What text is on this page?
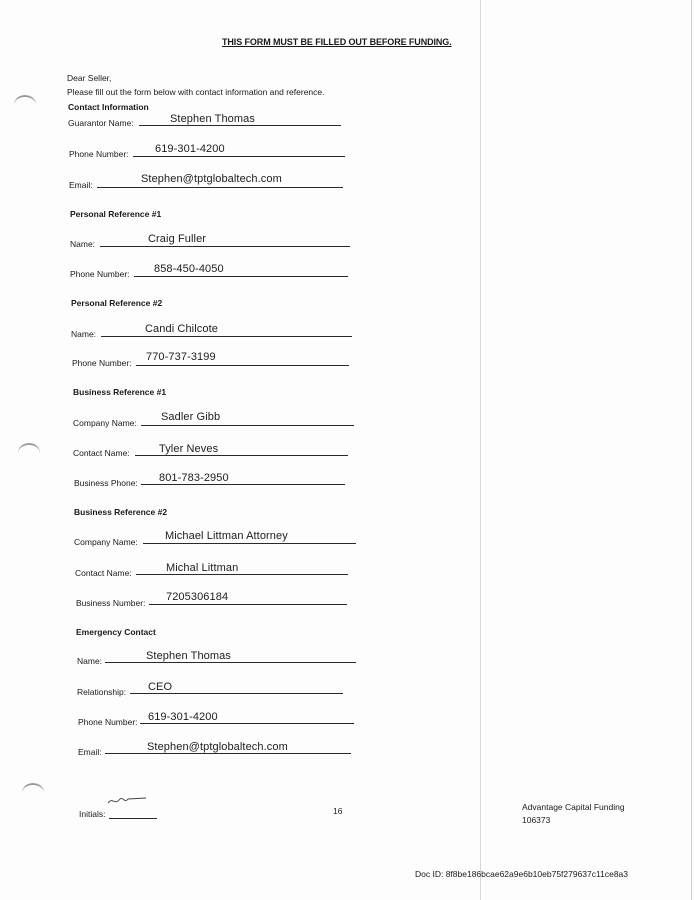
THIS FORM MUST BE FILLED OUT BEFORE FUNDING.
Dear Seller,
Please fill out the form below with contact information and reference.
Contact Information
Guarantor Name:	Stephen Thomas
Phone Number: 619-301-4200
Email:	Stephen@tptglobaltech.com
Personal Reference #1
Name:	Craig Fuller
Phone Number: 858-450-4050
Personal Reference #2
Name:	Candi Chilcote
Phone Number: 770-737-3199
Business Reference #1
Company Name: Sadler Gibb
Contact Name:	Tyler Neves
Business Phone: 801-783-2950
Business Reference #2
Company Name: Michael Littman Attorney
Contact Name:	Michal Littman
Business Number: 7205306184
Emergency Contact
Name:	Stephen Thomas
Relationship: CEO
Phone Number: 619-301-4200
Email:	Stephen@tptglobaltech.com
Initials:	16	Advantage Capital Funding
106373
Doc ID: 8f8be186bcae62a9e6b10eb75f279637c11ce8a3
